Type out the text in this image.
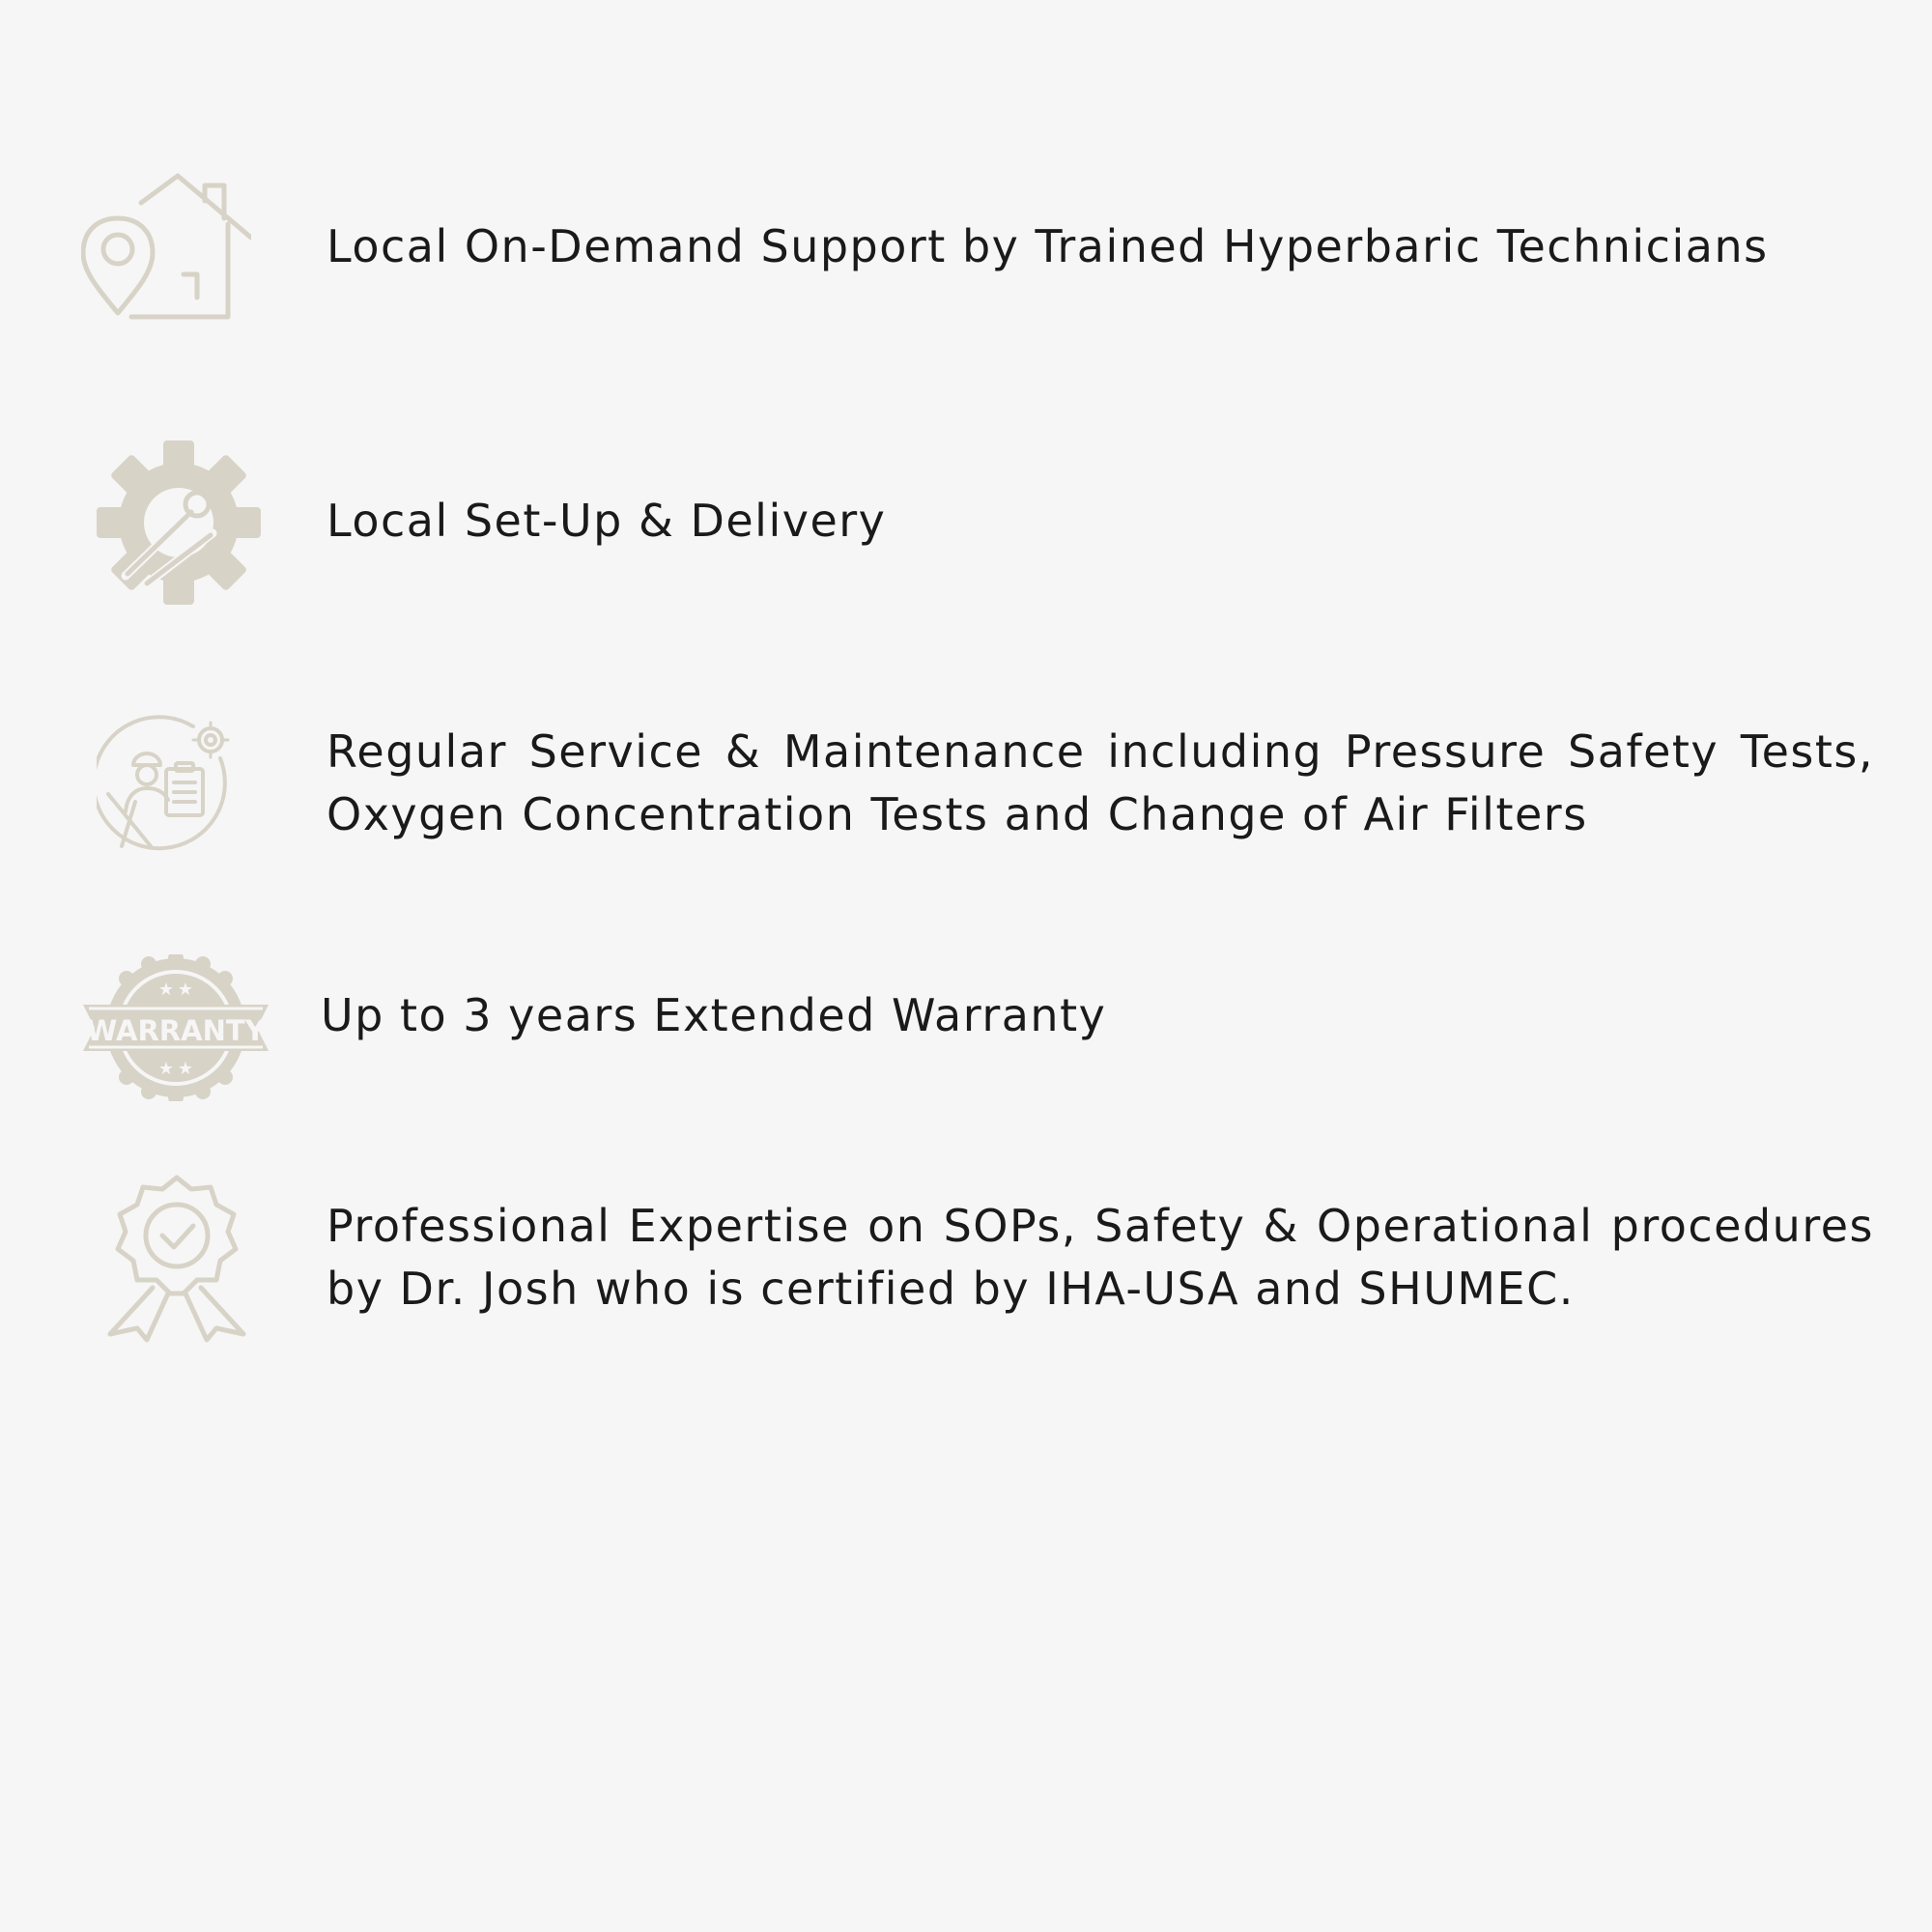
Local On-Demand Support by Trained Hyperbaric Technicians

Local Set-Up & Delivery

Regular Service & Maintenance including Pressure Safety Tests, Oxygen Concentration Tests and Change of Air Filters

WARRANTY
★ ★
★ ★

Up to 3 years Extended Warranty

Professional Expertise on SOPs, Safety & Operational procedures by Dr. Josh who is certified by IHA-USA and SHUMEC.
